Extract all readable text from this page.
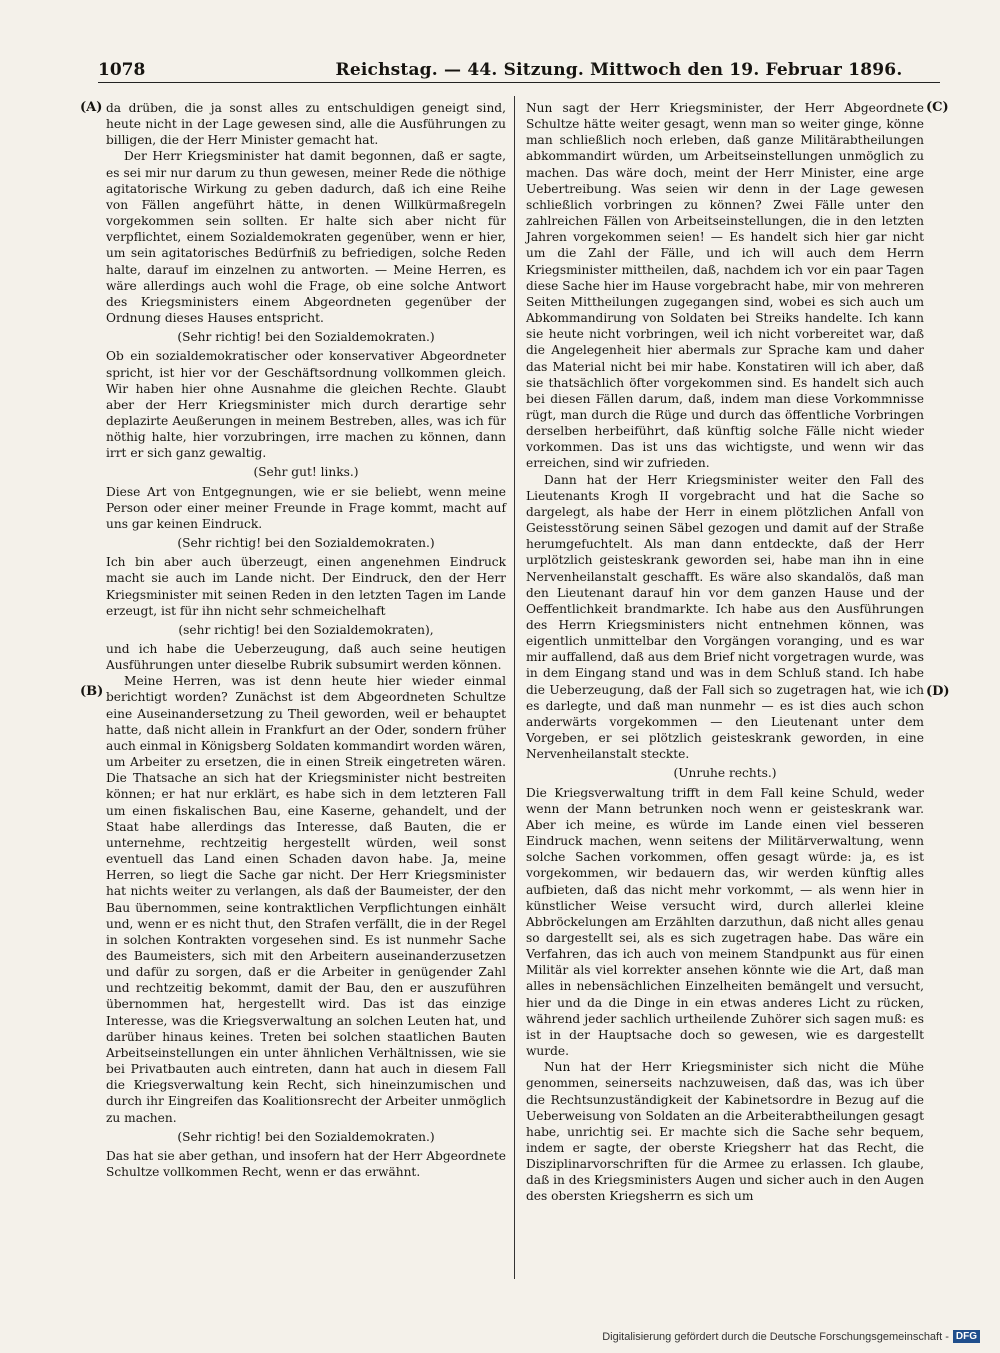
1078	Reichstag. — 44. Sitzung. Mittwoch den 19. Februar 1896.
(A)
(B)
(C)
(D)

da drüben, die ja sonst alles zu entschuldigen geneigt sind, heute nicht in der Lage gewesen sind, alle die Ausführungen zu billigen, die der Herr Minister gemacht hat.

Der Herr Kriegsminister hat damit begonnen, daß er sagte, es sei mir nur darum zu thun gewesen, meiner Rede die nöthige agitatorische Wirkung zu geben dadurch, daß ich eine Reihe von Fällen angeführt hätte, in denen Willkürmaßregeln vorgekommen sein sollten. Er halte sich aber nicht für verpflichtet, einem Sozialdemokraten gegenüber, wenn er hier, um sein agitatorisches Bedürfniß zu befriedigen, solche Reden halte, darauf im einzelnen zu antworten. — Meine Herren, es wäre allerdings auch wohl die Frage, ob eine solche Antwort des Kriegsministers einem Abgeordneten gegenüber der Ordnung dieses Hauses entspricht.

(Sehr richtig! bei den Sozialdemokraten.)

Ob ein sozialdemokratischer oder konservativer Abgeordneter spricht, ist hier vor der Geschäftsordnung vollkommen gleich. Wir haben hier ohne Ausnahme die gleichen Rechte. Glaubt aber der Herr Kriegsminister mich durch derartige sehr deplazirte Aeußerungen in meinem Bestreben, alles, was ich für nöthig halte, hier vorzubringen, irre machen zu können, dann irrt er sich ganz gewaltig.

(Sehr gut! links.)

Diese Art von Entgegnungen, wie er sie beliebt, wenn meine Person oder einer meiner Freunde in Frage kommt, macht auf uns gar keinen Eindruck.

(Sehr richtig! bei den Sozialdemokraten.)

Ich bin aber auch überzeugt, einen angenehmen Eindruck macht sie auch im Lande nicht. Der Eindruck, den der Herr Kriegsminister mit seinen Reden in den letzten Tagen im Lande erzeugt, ist für ihn nicht sehr schmeichelhaft

(sehr richtig! bei den Sozialdemokraten),

und ich habe die Ueberzeugung, daß auch seine heutigen Ausführungen unter dieselbe Rubrik subsumirt werden können.

Meine Herren, was ist denn heute hier wieder einmal berichtigt worden? Zunächst ist dem Abgeordneten Schultze eine Auseinandersetzung zu Theil geworden, weil er behauptet hatte, daß nicht allein in Frankfurt an der Oder, sondern früher auch einmal in Königsberg Soldaten kommandirt worden wären, um Arbeiter zu ersetzen, die in einen Streik eingetreten wären. Die Thatsache an sich hat der Kriegsminister nicht bestreiten können; er hat nur erklärt, es habe sich in dem letzteren Fall um einen fiskalischen Bau, eine Kaserne, gehandelt, und der Staat habe allerdings das Interesse, daß Bauten, die er unternehme, rechtzeitig hergestellt würden, weil sonst eventuell das Land einen Schaden davon habe. Ja, meine Herren, so liegt die Sache gar nicht. Der Herr Kriegsminister hat nichts weiter zu verlangen, als daß der Baumeister, der den Bau übernommen, seine kontraktlichen Verpflichtungen einhält und, wenn er es nicht thut, den Strafen verfällt, die in der Regel in solchen Kontrakten vorgesehen sind. Es ist nunmehr Sache des Baumeisters, sich mit den Arbeitern auseinanderzusetzen und dafür zu sorgen, daß er die Arbeiter in genügender Zahl und rechtzeitig bekommt, damit der Bau, den er auszuführen übernommen hat, hergestellt wird. Das ist das einzige Interesse, was die Kriegsverwaltung an solchen Leuten hat, und darüber hinaus keines. Treten bei solchen staatlichen Bauten Arbeitseinstellungen ein unter ähnlichen Verhältnissen, wie sie bei Privatbauten auch eintreten, dann hat auch in diesem Fall die Kriegsverwaltung kein Recht, sich hineinzumischen und durch ihr Eingreifen das Koalitionsrecht der Arbeiter unmöglich zu machen.

(Sehr richtig! bei den Sozialdemokraten.)

Das hat sie aber gethan, und insofern hat der Herr Abgeordnete Schultze vollkommen Recht, wenn er das erwähnt.

Nun sagt der Herr Kriegsminister, der Herr Abgeordnete Schultze hätte weiter gesagt, wenn man so weiter ginge, könne man schließlich noch erleben, daß ganze Militärabtheilungen abkommandirt würden, um Arbeitseinstellungen unmöglich zu machen. Das wäre doch, meint der Herr Minister, eine arge Uebertreibung. Was seien wir denn in der Lage gewesen schließlich vorbringen zu können? Zwei Fälle unter den zahlreichen Fällen von Arbeitseinstellungen, die in den letzten Jahren vorgekommen seien! — Es handelt sich hier gar nicht um die Zahl der Fälle, und ich will auch dem Herrn Kriegsminister mittheilen, daß, nachdem ich vor ein paar Tagen diese Sache hier im Hause vorgebracht habe, mir von mehreren Seiten Mittheilungen zugegangen sind, wobei es sich auch um Abkommandirung von Soldaten bei Streiks handelte. Ich kann sie heute nicht vorbringen, weil ich nicht vorbereitet war, daß die Angelegenheit hier abermals zur Sprache kam und daher das Material nicht bei mir habe. Konstatiren will ich aber, daß sie thatsächlich öfter vorgekommen sind. Es handelt sich auch bei diesen Fällen darum, daß, indem man diese Vorkommnisse rügt, man durch die Rüge und durch das öffentliche Vorbringen derselben herbeiführt, daß künftig solche Fälle nicht wieder vorkommen. Das ist uns das wichtigste, und wenn wir das erreichen, sind wir zufrieden.

Dann hat der Herr Kriegsminister weiter den Fall des Lieutenants Krogh II vorgebracht und hat die Sache so dargelegt, als habe der Herr in einem plötzlichen Anfall von Geistesstörung seinen Säbel gezogen und damit auf der Straße herumgefuchtelt. Als man dann entdeckte, daß der Herr urplötzlich geisteskrank geworden sei, habe man ihn in eine Nervenheilanstalt geschafft. Es wäre also skandalös, daß man den Lieutenant darauf hin vor dem ganzen Hause und der Oeffentlichkeit brandmarkte. Ich habe aus den Ausführungen des Herrn Kriegsministers nicht entnehmen können, was eigentlich unmittelbar den Vorgängen voranging, und es war mir auffallend, daß aus dem Brief nicht vorgetragen wurde, was in dem Eingang stand und was in dem Schluß stand. Ich habe die Ueberzeugung, daß der Fall sich so zugetragen hat, wie ich es darlegte, und daß man nunmehr — es ist dies auch schon anderwärts vorgekommen — den Lieutenant unter dem Vorgeben, er sei plötzlich geisteskrank geworden, in eine Nervenheilanstalt steckte.

(Unruhe rechts.)

Die Kriegsverwaltung trifft in dem Fall keine Schuld, weder wenn der Mann betrunken noch wenn er geisteskrank war. Aber ich meine, es würde im Lande einen viel besseren Eindruck machen, wenn seitens der Militärverwaltung, wenn solche Sachen vorkommen, offen gesagt würde: ja, es ist vorgekommen, wir bedauern das, wir werden künftig alles aufbieten, daß das nicht mehr vorkommt, — als wenn hier in künstlicher Weise versucht wird, durch allerlei kleine Abbröckelungen am Erzählten darzuthun, daß nicht alles genau so dargestellt sei, als es sich zugetragen habe. Das wäre ein Verfahren, das ich auch von meinem Standpunkt aus für einen Militär als viel korrekter ansehen könnte wie die Art, daß man alles in nebensächlichen Einzelheiten bemängelt und versucht, hier und da die Dinge in ein etwas anderes Licht zu rücken, während jeder sachlich urtheilende Zuhörer sich sagen muß: es ist in der Hauptsache doch so gewesen, wie es dargestellt wurde.

Nun hat der Herr Kriegsminister sich nicht die Mühe genommen, seinerseits nachzuweisen, daß das, was ich über die Rechtsunzuständigkeit der Kabinetsordre in Bezug auf die Ueberweisung von Soldaten an die Arbeiterabtheilungen gesagt habe, unrichtig sei. Er machte sich die Sache sehr bequem, indem er sagte, der oberste Kriegsherr hat das Recht, die Disziplinarvorschriften für die Armee zu erlassen. Ich glaube, daß in des Kriegsministers Augen und sicher auch in den Augen des obersten Kriegsherrn es sich um

Digitalisierung gefördert durch die Deutsche Forschungsgemeinschaft - DFG
